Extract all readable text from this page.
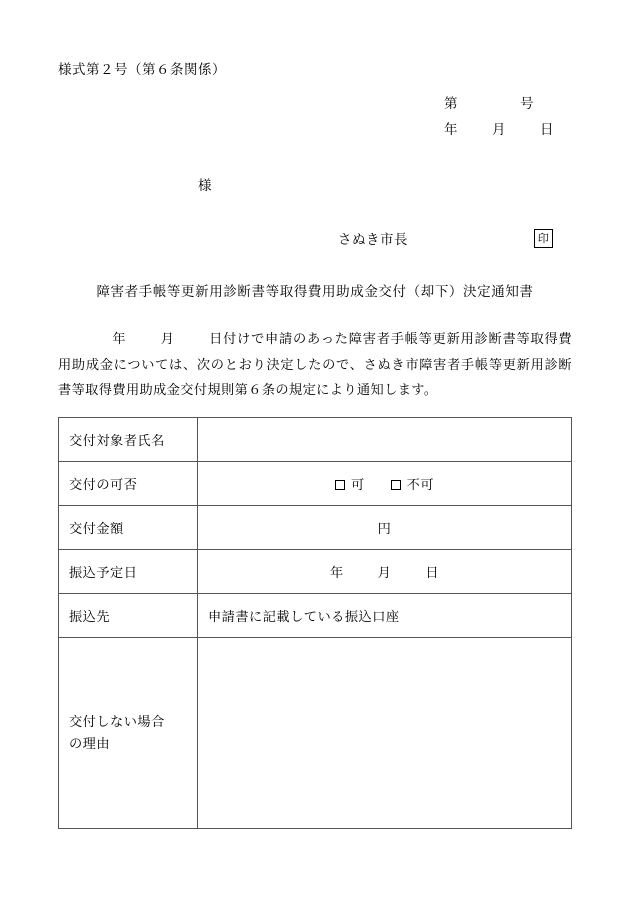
様式第２号（第６条関係）
第	号
年	月	日
様
さぬき市長	印
障害者手帳等更新用診断書等取得費用助成金交付（却下）決定通知書

年	月	日付けで申請のあった障害者手帳等更新用診断書等取得費用助成金については、次のとおり決定したので、さぬき市障害者手帳等更新用診断書等取得費用助成金交付規則第６条の規定により通知します。

交付対象者氏名	
交付の可否	可 不可
交付金額	円
振込予定日	年 月 日
振込先	申請書に記載している振込口座

交付しない場合
の理由	
